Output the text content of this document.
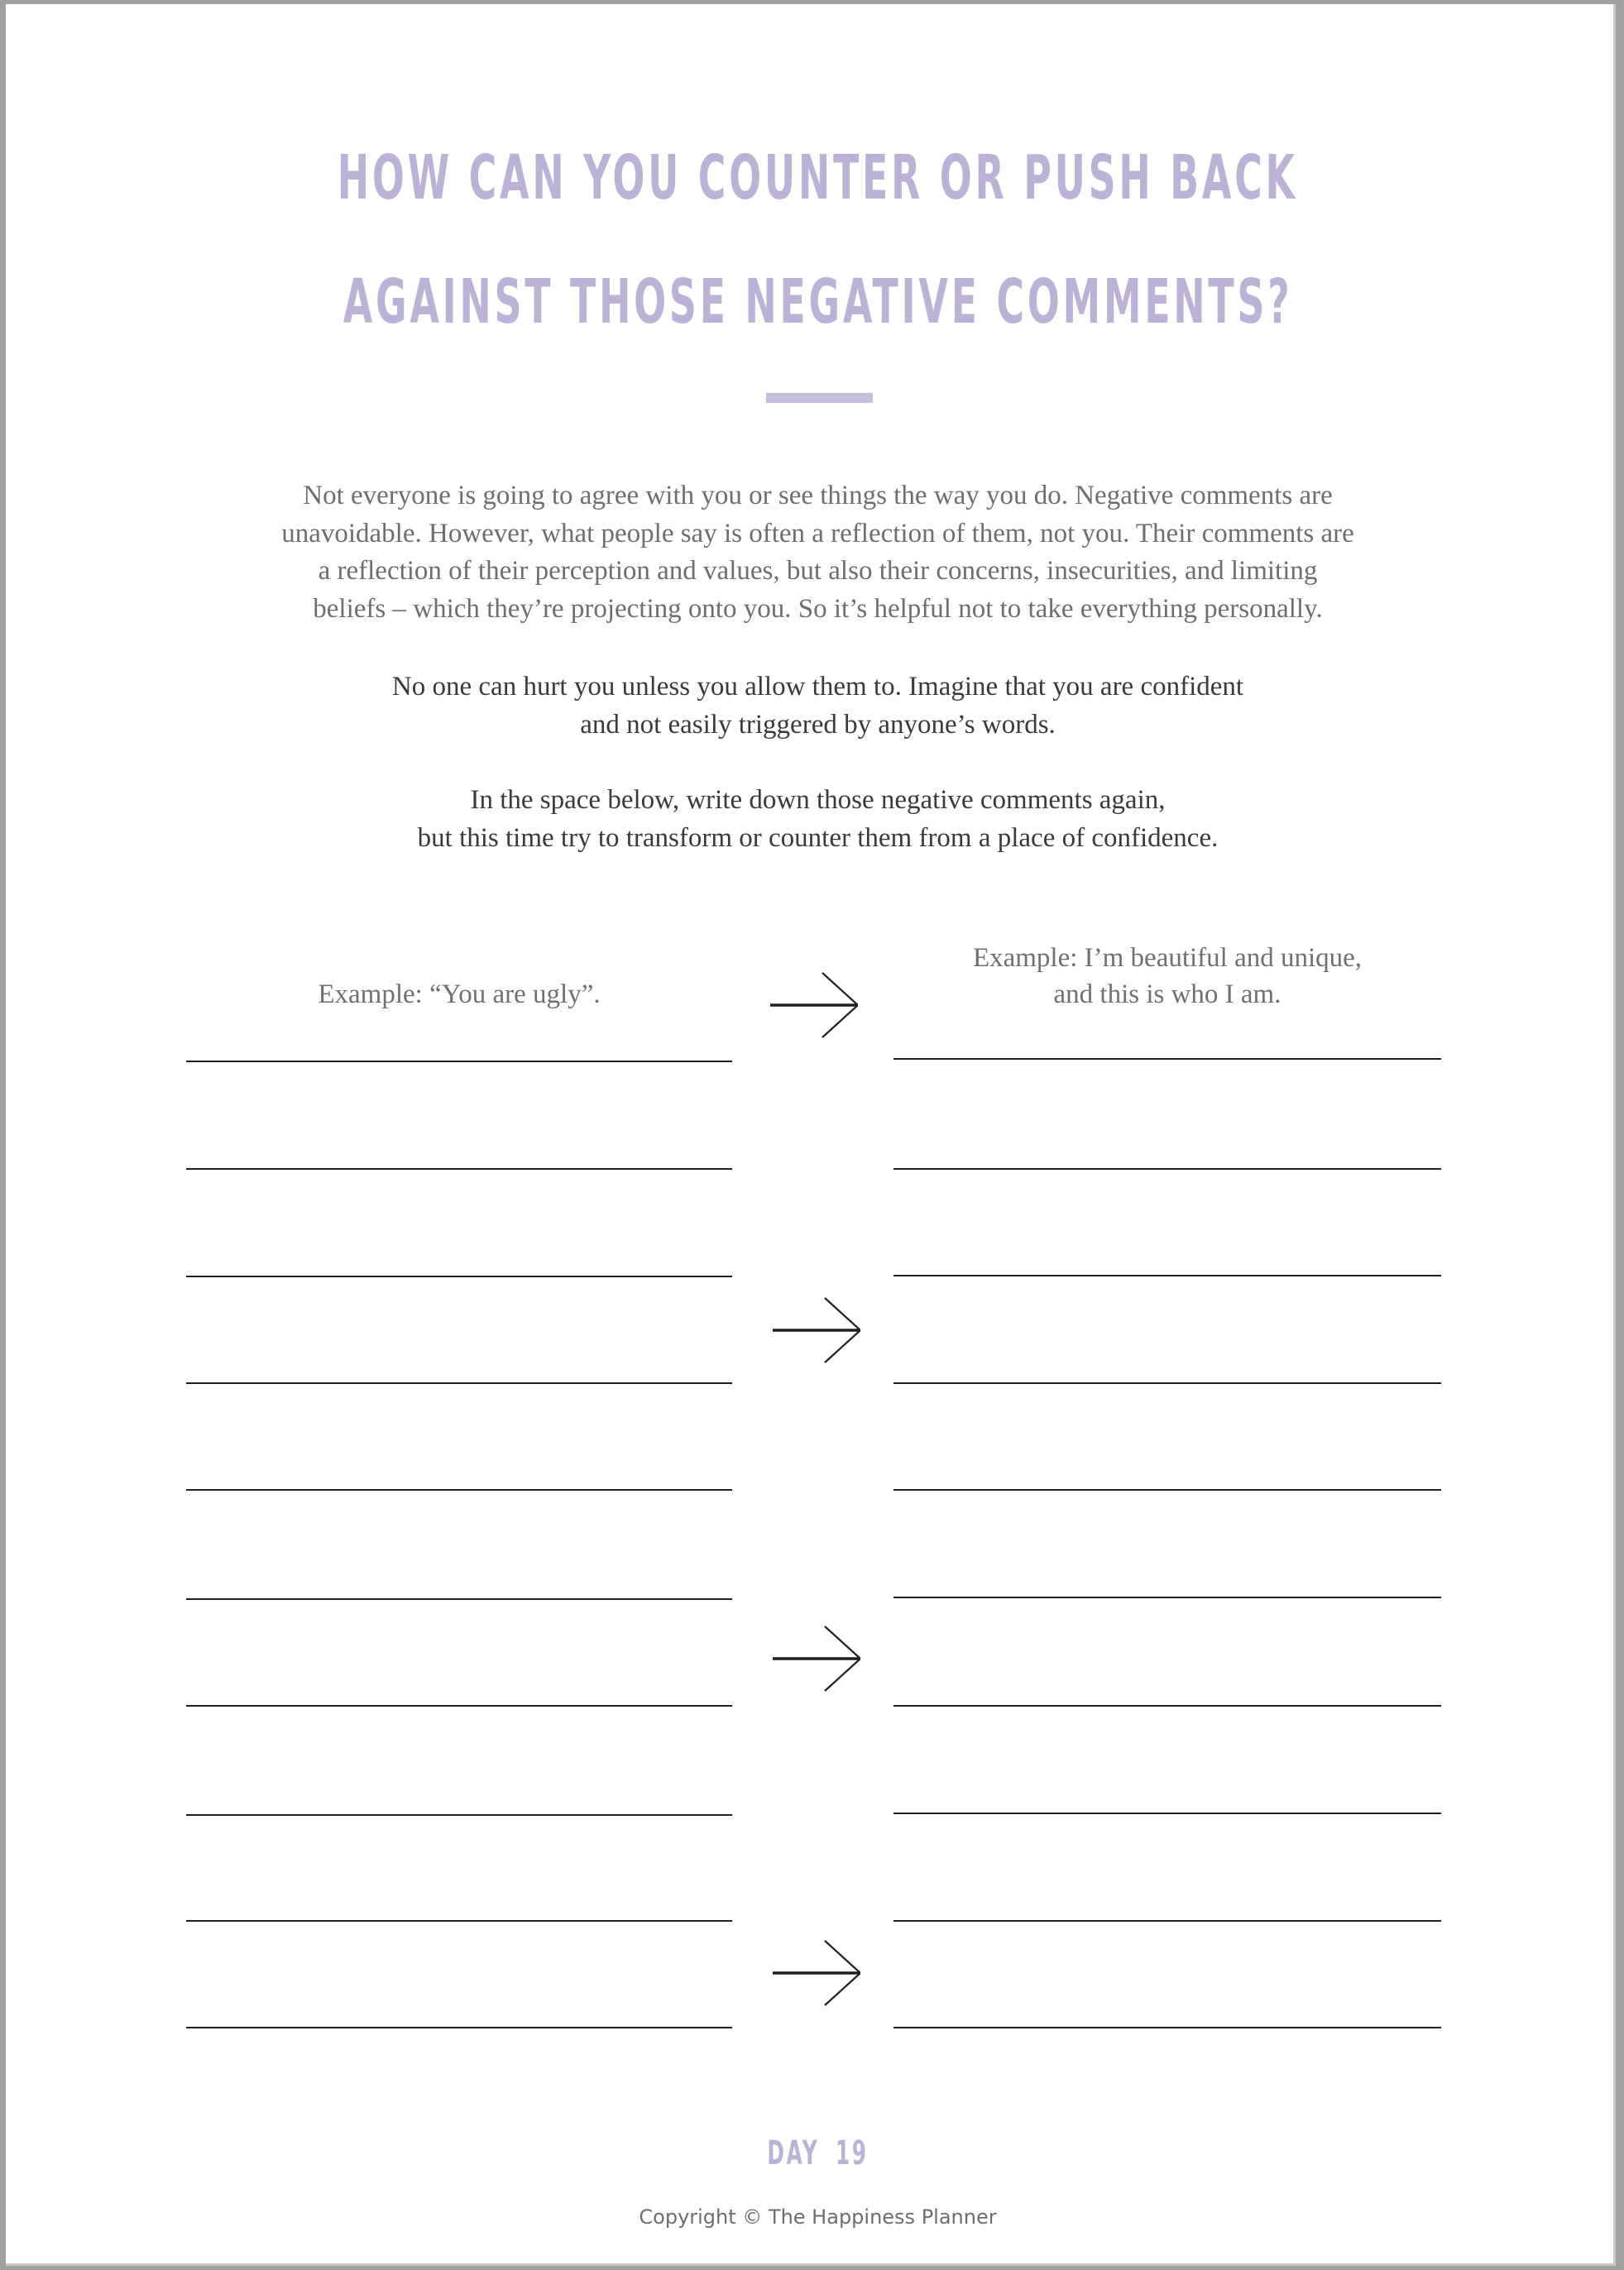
HOW CAN YOU COUNTER OR PUSH BACK
AGAINST THOSE NEGATIVE COMMENTS?
Not everyone is going to agree with you or see things the way you do. Negative comments are
unavoidable. However, what people say is often a reflection of them, not you. Their comments are
a reflection of their perception and values, but also their concerns, insecurities, and limiting
beliefs – which they’re projecting onto you. So it’s helpful not to take everything personally.
No one can hurt you unless you allow them to. Imagine that you are confident
and not easily triggered by anyone’s words.
In the space below, write down those negative comments again,
but this time try to transform or counter them from a place of confidence.
Example: “You are ugly”.
Example: I’m beautiful and unique,
and this is who I am.
DAY 19
Copyright © The Happiness Planner
